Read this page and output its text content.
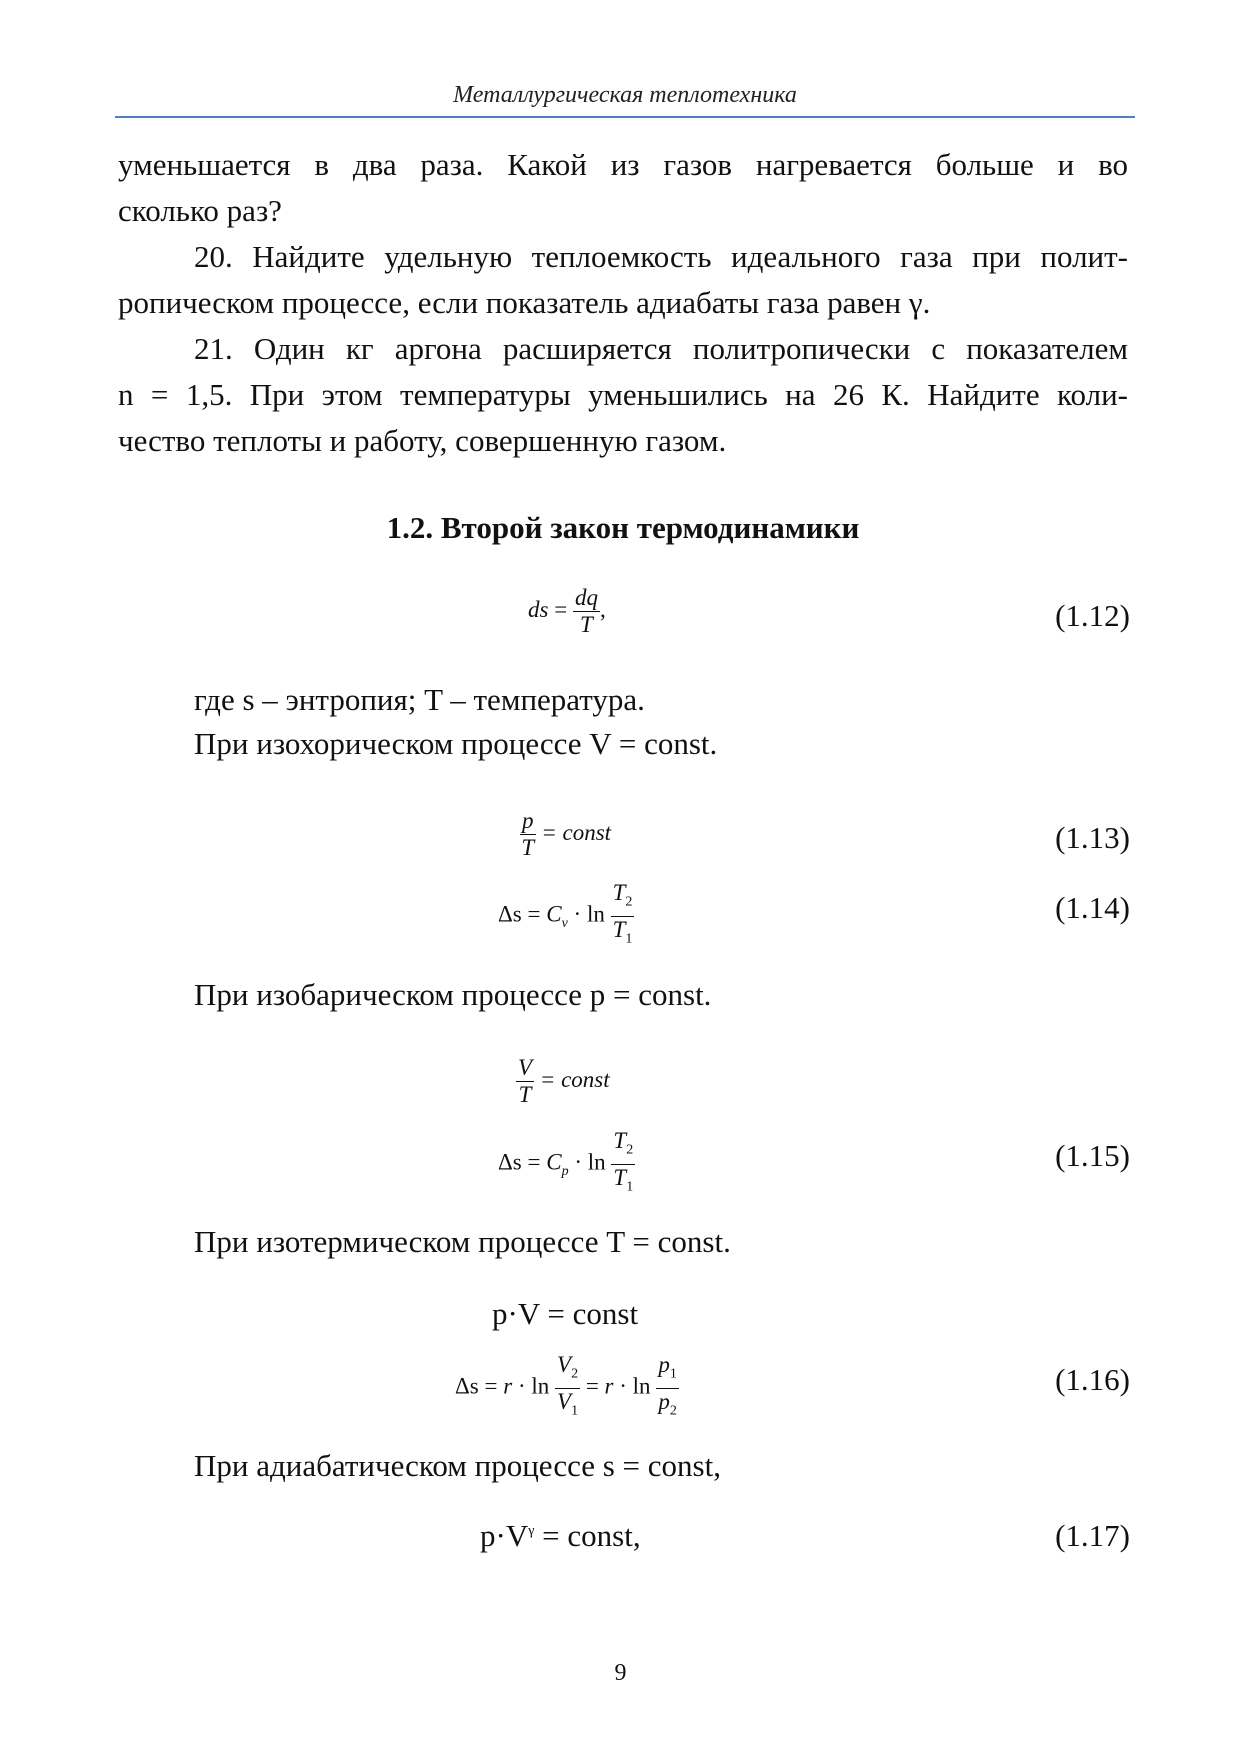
Металлургическая теплотехника
уменьшается в два раза. Какой из газов нагревается больше и во
сколько раз?
20. Найдите удельную теплоемкость идеального газа при полит-
ропическом процессе, если показатель адиабаты газа равен γ.
21. Один кг аргона расширяется политропически с показателем
n = 1,5. При этом температуры уменьшились на 26 К. Найдите коли-
чество теплоты и работу, совершенную газом.
1.2. Второй закон термодинамики
ds = $\frac{dq}{T}$ ,	(1.12)
где s – энтропия; T – температура.
При изохорическом процессе V = const.
$\frac{p}{T}$ = const	(1.13)
$\Delta s = C_v \cdot \ln \frac{T_2}{T_1}$	(1.14)
При изобарическом процессе p = const.
$\frac{V}{T}$ = const
$\Delta s = C_p \cdot \ln \frac{T_2}{T_1}$	(1.15)
При изотермическом процессе T = const.
p·V = const
$\Delta s = r \cdot \ln \frac{V_2}{V_1} = r \cdot \ln \frac{p_1}{p_2}$	(1.16)
При адиабатическом процессе s = const,
$p\cdot V^\gamma$ = const,	(1.17)
9
